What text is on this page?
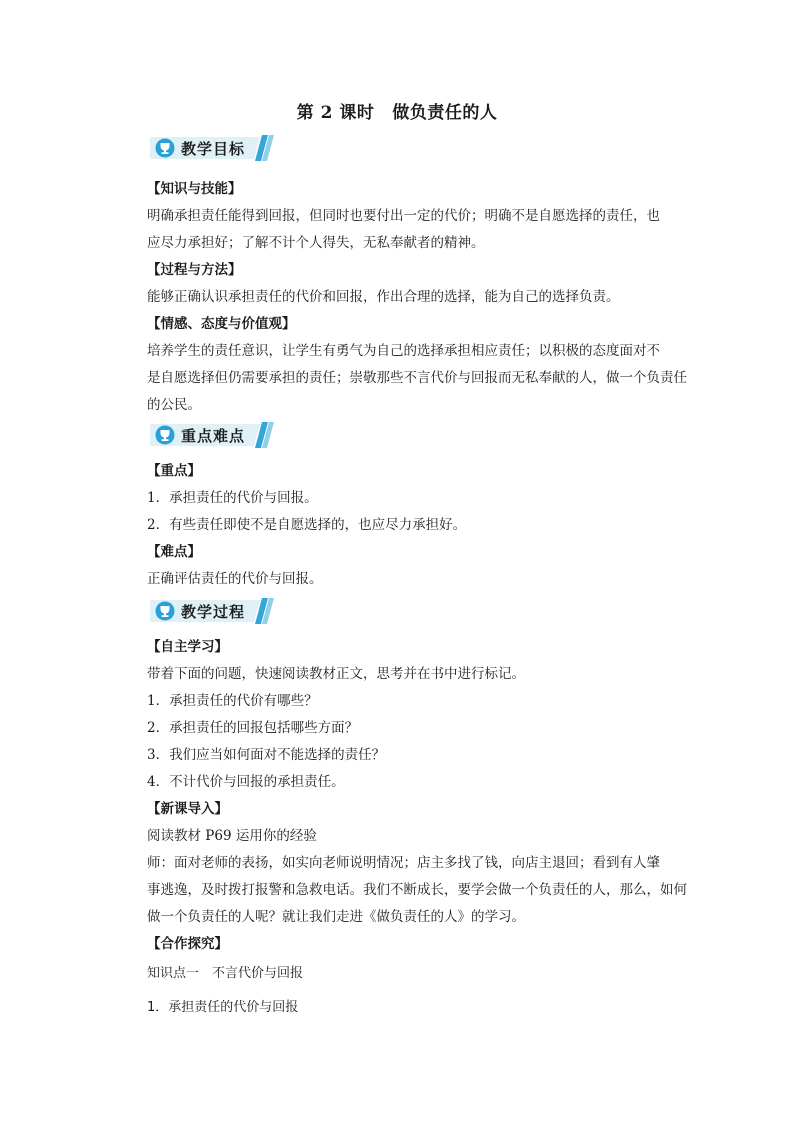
第 2 课时 做负责任的人
教学目标
【知识与技能】
明确承担责任能得到回报，但同时也要付出一定的代价；明确不是自愿选择的责任，也
应尽力承担好；了解不计个人得失，无私奉献者的精神。
【过程与方法】
能够正确认识承担责任的代价和回报，作出合理的选择，能为自己的选择负责。
【情感、态度与价值观】
培养学生的责任意识，让学生有勇气为自己的选择承担相应责任；以积极的态度面对不
是自愿选择但仍需要承担的责任；崇敬那些不言代价与回报而无私奉献的人，做一个负责任
的公民。
重点难点
【重点】
1．承担责任的代价与回报。
2．有些责任即使不是自愿选择的，也应尽力承担好。
【难点】
正确评估责任的代价与回报。
教学过程
【自主学习】
带着下面的问题，快速阅读教材正文，思考并在书中进行标记。
1．承担责任的代价有哪些？
2．承担责任的回报包括哪些方面？
3．我们应当如何面对不能选择的责任？
4．不计代价与回报的承担责任。
【新课导入】
阅读教材 P69 运用你的经验
师：面对老师的表扬，如实向老师说明情况；店主多找了钱，向店主退回；看到有人肇
事逃逸，及时拨打报警和急救电话。我们不断成长，要学会做一个负责任的人，那么，如何
做一个负责任的人呢？就让我们走进《做负责任的人》的学习。
【合作探究】
知识点一　不言代价与回报
1．承担责任的代价与回报
